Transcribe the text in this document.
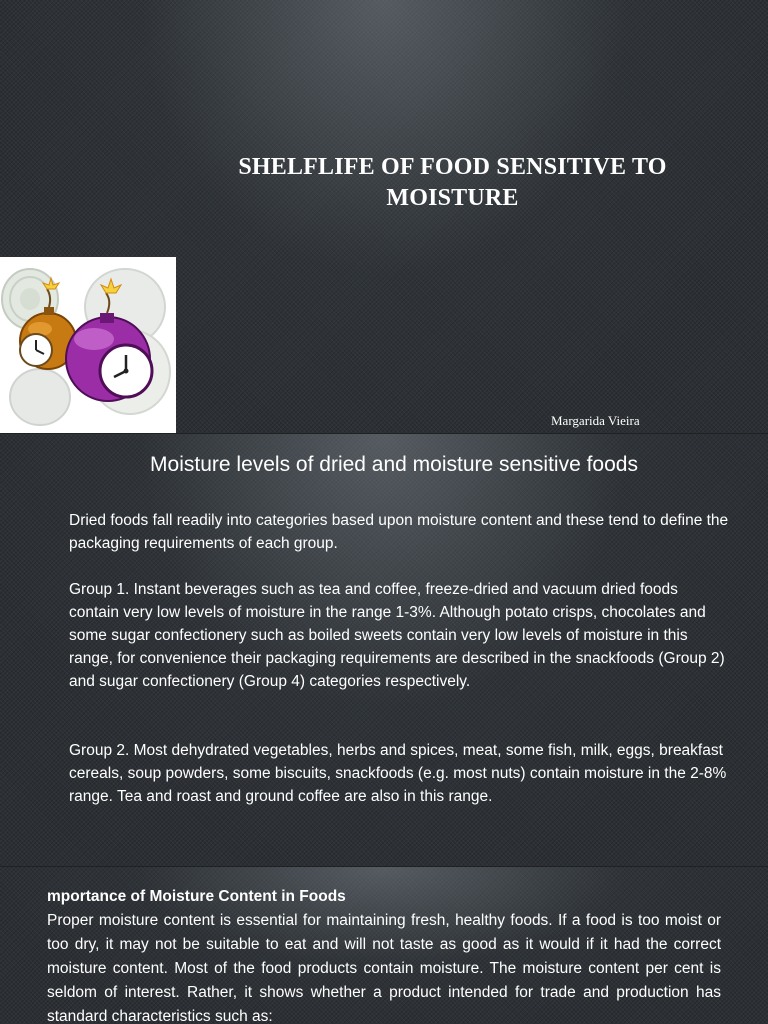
SHELFLIFE OF FOOD SENSITIVE TO MOISTURE
Margarida Vieira
Moisture levels of dried and moisture sensitive foods

Dried foods fall readily into categories based upon moisture content and these tend to define the packaging requirements of each group.

Group 1. Instant beverages such as tea and coffee, freeze-dried and vacuum dried foods contain very low levels of moisture in the range 1-3%. Although potato crisps, chocolates and some sugar confectionery such as boiled sweets contain very low levels of moisture in this range, for convenience their packaging requirements are described in the snackfoods (Group 2) and sugar confectionery (Group 4) categories respectively.

Group 2. Most dehydrated vegetables, herbs and spices, meat, some fish, milk, eggs, breakfast cereals, soup powders, some biscuits, snackfoods (e.g. most nuts) contain moisture in the 2-8% range. Tea and roast and ground coffee are also in this range.

mportance of Moisture Content in Foods

Proper moisture content is essential for maintaining fresh, healthy foods. If a food is too moist or too dry, it may not be suitable to eat and will not taste as good as it would if it had the correct moisture content. Most of the food products contain moisture. The moisture content per cent is seldom of interest. Rather, it shows whether a product intended for trade and production has standard characteristics such as:
